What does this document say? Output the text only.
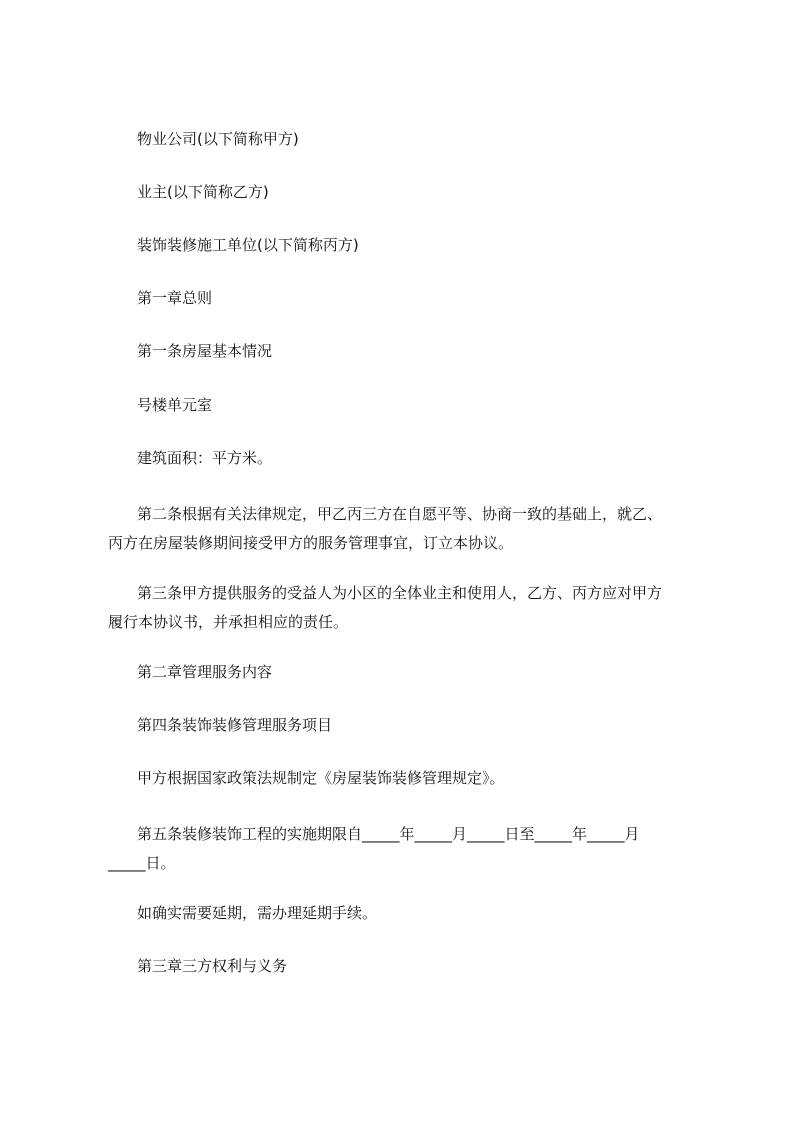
物业公司(以下简称甲方)

业主(以下简称乙方)

装饰装修施工单位(以下简称丙方)

第一章总则

第一条房屋基本情况

号楼单元室

建筑面积：平方米。

第二条根据有关法律规定，甲乙丙三方在自愿平等、协商一致的基础上，就乙、丙方在房屋装修期间接受甲方的服务管理事宜，订立本协议。

第三条甲方提供服务的受益人为小区的全体业主和使用人，乙方、丙方应对甲方履行本协议书，并承担相应的责任。

第二章管理服务内容

第四条装饰装修管理服务项目

甲方根据国家政策法规制定《房屋装饰装修管理规定》。

第五条装修装饰工程的实施期限自_____年_____月_____日至_____年_____月_____日。

如确实需要延期，需办理延期手续。

第三章三方权利与义务
